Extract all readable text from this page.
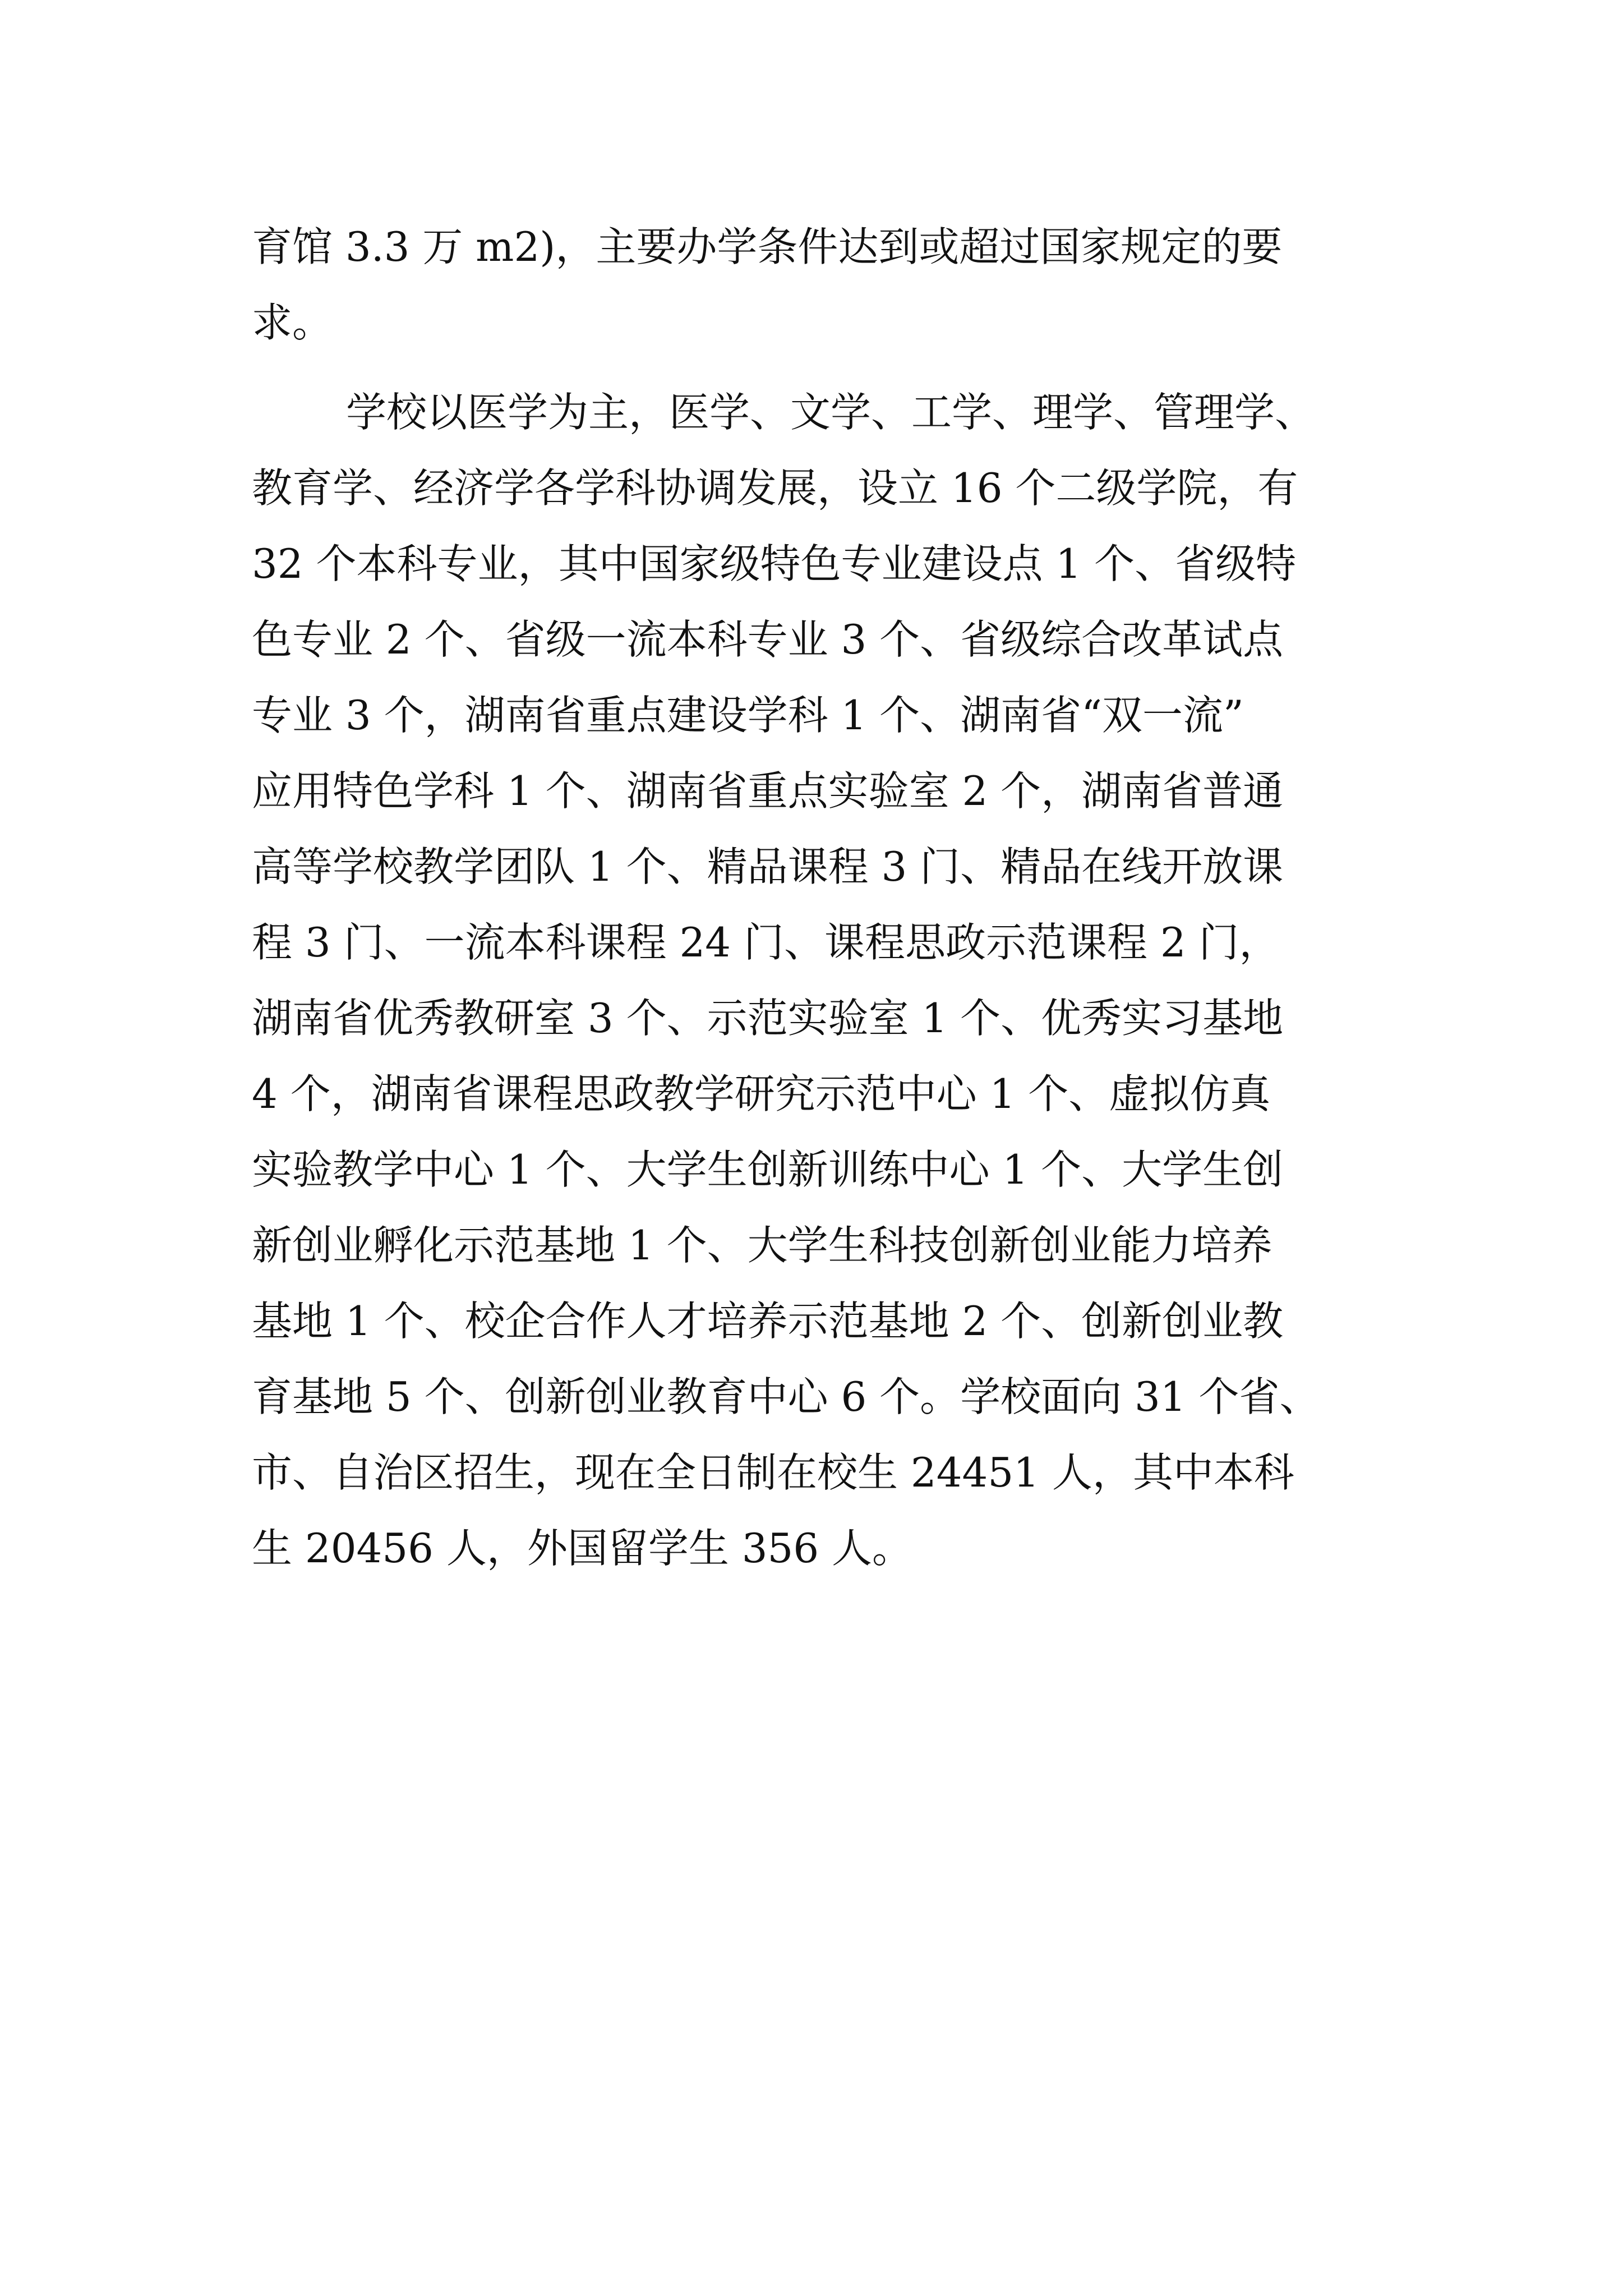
育馆 3.3 万 m2)，主要办学条件达到或超过国家规定的要
求。
学校以医学为主，医学、文学、工学、理学、管理学、
教育学、经济学各学科协调发展，设立 16 个二级学院，有
32 个本科专业，其中国家级特色专业建设点 1 个、省级特
色专业 2 个、省级一流本科专业 3 个、省级综合改革试点
专业 3 个，湖南省重点建设学科 1 个、湖南省“双一流”
应用特色学科 1 个、湖南省重点实验室 2 个，湖南省普通
高等学校教学团队 1 个、精品课程 3 门、精品在线开放课
程 3 门、一流本科课程 24 门、课程思政示范课程 2 门，
湖南省优秀教研室 3 个、示范实验室 1 个、优秀实习基地
4 个，湖南省课程思政教学研究示范中心 1 个、虚拟仿真
实验教学中心 1 个、大学生创新训练中心 1 个、大学生创
新创业孵化示范基地 1 个、大学生科技创新创业能力培养
基地 1 个、校企合作人才培养示范基地 2 个、创新创业教
育基地 5 个、创新创业教育中心 6 个。学校面向 31 个省、
市、自治区招生，现在全日制在校生 24451 人，其中本科
生 20456 人，外国留学生 356 人。
